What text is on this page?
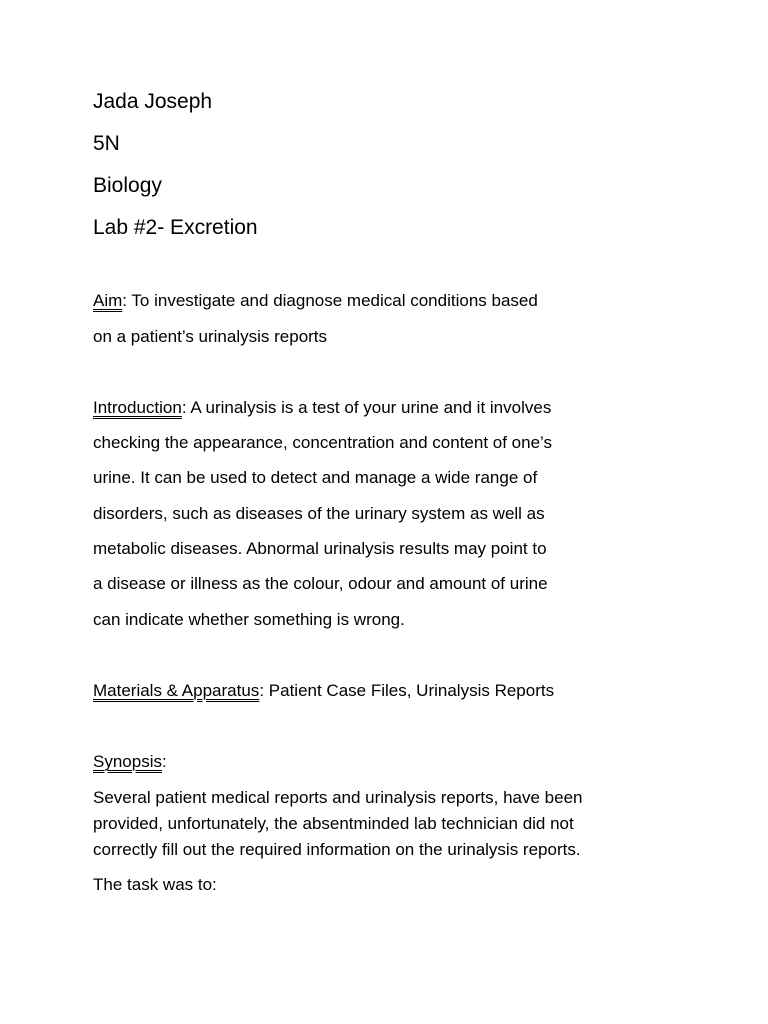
Jada Joseph
5N
Biology
Lab #2- Excretion
Aim: To investigate and diagnose medical conditions based
on a patient’s urinalysis reports
Introduction: A urinalysis is a test of your urine and it involves
checking the appearance, concentration and content of one’s
urine. It can be used to detect and manage a wide range of
disorders, such as diseases of the urinary system as well as
metabolic diseases. Abnormal urinalysis results may point to
a disease or illness as the colour, odour and amount of urine
can indicate whether something is wrong.
Materials & Apparatus: Patient Case Files, Urinalysis Reports
Synopsis:
Several patient medical reports and urinalysis reports, have been
provided, unfortunately, the absentminded lab technician did not
correctly fill out the required information on the urinalysis reports.
The task was to:
